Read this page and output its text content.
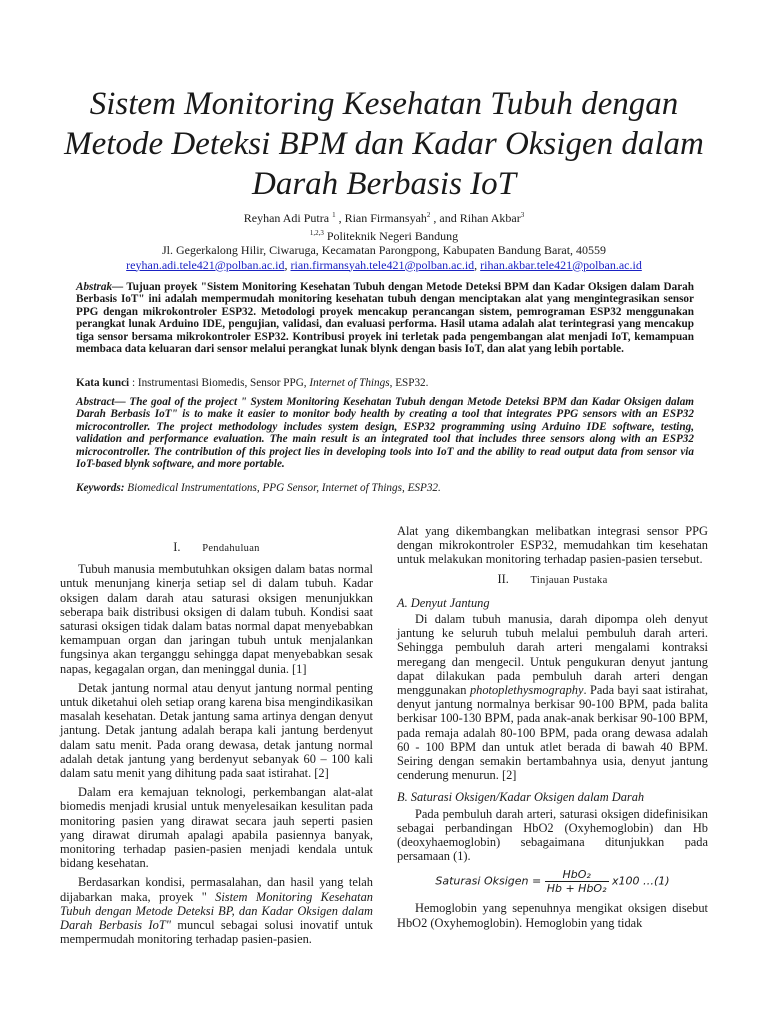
Sistem Monitoring Kesehatan Tubuh dengan
Metode Deteksi BPM dan Kadar Oksigen dalam
Darah Berbasis IoT
Reyhan Adi Putra $^1$ , Rian Firmansyah$^2$ , and Rihan Akbar$^3$
$^{1,2,3}$ Politeknik Negeri Bandung
Jl. Gegerkalong Hilir, Ciwaruga, Kecamatan Parongpong, Kabupaten Bandung Barat, 40559
reyhan.adi.tele421@polban.ac.id, rian.firmansyah.tele421@polban.ac.id, rihan.akbar.tele421@polban.ac.id
Abstrak— Tujuan proyek "Sistem Monitoring Kesehatan Tubuh dengan Metode Deteksi BPM dan Kadar Oksigen dalam Darah Berbasis IoT" ini adalah mempermudah monitoring kesehatan tubuh dengan menciptakan alat yang mengintegrasikan sensor PPG dengan mikrokontroler ESP32. Metodologi proyek mencakup perancangan sistem, pemrograman ESP32 menggunakan perangkat lunak Arduino IDE, pengujian, validasi, dan evaluasi performa. Hasil utama adalah alat terintegrasi yang mencakup tiga sensor bersama mikrokontroler ESP32. Kontribusi proyek ini terletak pada pengembangan alat menjadi IoT, kemampuan membaca data keluaran dari sensor melalui perangkat lunak blynk dengan basis IoT, dan alat yang lebih portable.
Kata kunci : Instrumentasi Biomedis, Sensor PPG, Internet of Things, ESP32.
Abstract— The goal of the project " System Monitoring Kesehatan Tubuh dengan Metode Deteksi BPM dan Kadar Oksigen dalam Darah Berbasis IoT" is to make it easier to monitor body health by creating a tool that integrates PPG sensors with an ESP32 microcontroller. The project methodology includes system design, ESP32 programming using Arduino IDE software, testing, validation and performance evaluation. The main result is an integrated tool that includes three sensors along with an ESP32 microcontroller. The contribution of this project lies in developing tools into IoT and the ability to read output data from sensor via IoT-based blynk software, and more portable.
Keywords: Biomedical Instrumentations, PPG Sensor, Internet of Things, ESP32.

I. Pendahuluan

Tubuh manusia membutuhkan oksigen dalam batas normal untuk menunjang kinerja setiap sel di dalam tubuh. Kadar oksigen dalam darah atau saturasi oksigen menunjukkan seberapa baik distribusi oksigen di dalam tubuh. Kondisi saat saturasi oksigen tidak dalam batas normal dapat menyebabkan kemampuan organ dan jaringan tubuh untuk menjalankan fungsinya akan terganggu sehingga dapat menyebabkan sesak napas, kegagalan organ, dan meninggal dunia. [1]

Detak jantung normal atau denyut jantung normal penting untuk diketahui oleh setiap orang karena bisa mengindikasikan masalah kesehatan. Detak jantung sama artinya dengan denyut jantung. Detak jantung adalah berapa kali jantung berdenyut dalam satu menit. Pada orang dewasa, detak jantung normal adalah detak jantung yang berdenyut sebanyak 60 – 100 kali dalam satu menit yang dihitung pada saat istirahat. [2]

Dalam era kemajuan teknologi, perkembangan alat-alat biomedis menjadi krusial untuk menyelesaikan kesulitan pada monitoring pasien yang dirawat secara jauh seperti pasien yang dirawat dirumah apalagi apabila pasiennya banyak, monitoring terhadap pasien-pasien menjadi kendala untuk bidang kesehatan.

Berdasarkan kondisi, permasalahan, dan hasil yang telah dijabarkan maka, proyek " Sistem Monitoring Kesehatan Tubuh dengan Metode Deteksi BP, dan Kadar Oksigen dalam Darah Berbasis IoT" muncul sebagai solusi inovatif untuk mempermudah monitoring terhadap pasien-pasien.

Alat yang dikembangkan melibatkan integrasi sensor PPG dengan mikrokontroler ESP32, memudahkan tim kesehatan untuk melakukan monitoring terhadap pasien-pasien tersebut.

II. Tinjauan Pustaka

A. Denyut Jantung

Di dalam tubuh manusia, darah dipompa oleh denyut jantung ke seluruh tubuh melalui pembuluh darah arteri. Sehingga pembuluh darah arteri mengalami kontraksi meregang dan mengecil. Untuk pengukuran denyut jantung dapat dilakukan pada pembuluh darah arteri dengan menggunakan photoplethysmography. Pada bayi saat istirahat, denyut jantung normalnya berkisar 90-100 BPM, pada balita berkisar 100-130 BPM, pada anak-anak berkisar 90-100 BPM, pada remaja adalah 80-100 BPM, pada orang dewasa adalah 60 - 100 BPM dan untuk atlet berada di bawah 40 BPM. Seiring dengan semakin bertambahnya usia, denyut jantung cenderung menurun. [2]

B. Saturasi Oksigen/Kadar Oksigen dalam Darah

Pada pembuluh darah arteri, saturasi oksigen didefinisikan sebagai perbandingan HbO2 (Oxyhemoglobin) dan Hb (deoxyhaemoglobin) sebagaimana ditunjukkan pada persamaan (1).

Saturasi Oksigen = $\frac{\text{HbO₂}}{\text{Hb + HbO₂}} x100$ …(1)

Hemoglobin yang sepenuhnya mengikat oksigen disebut HbO2 (Oxyhemoglobin). Hemoglobin yang tidak
